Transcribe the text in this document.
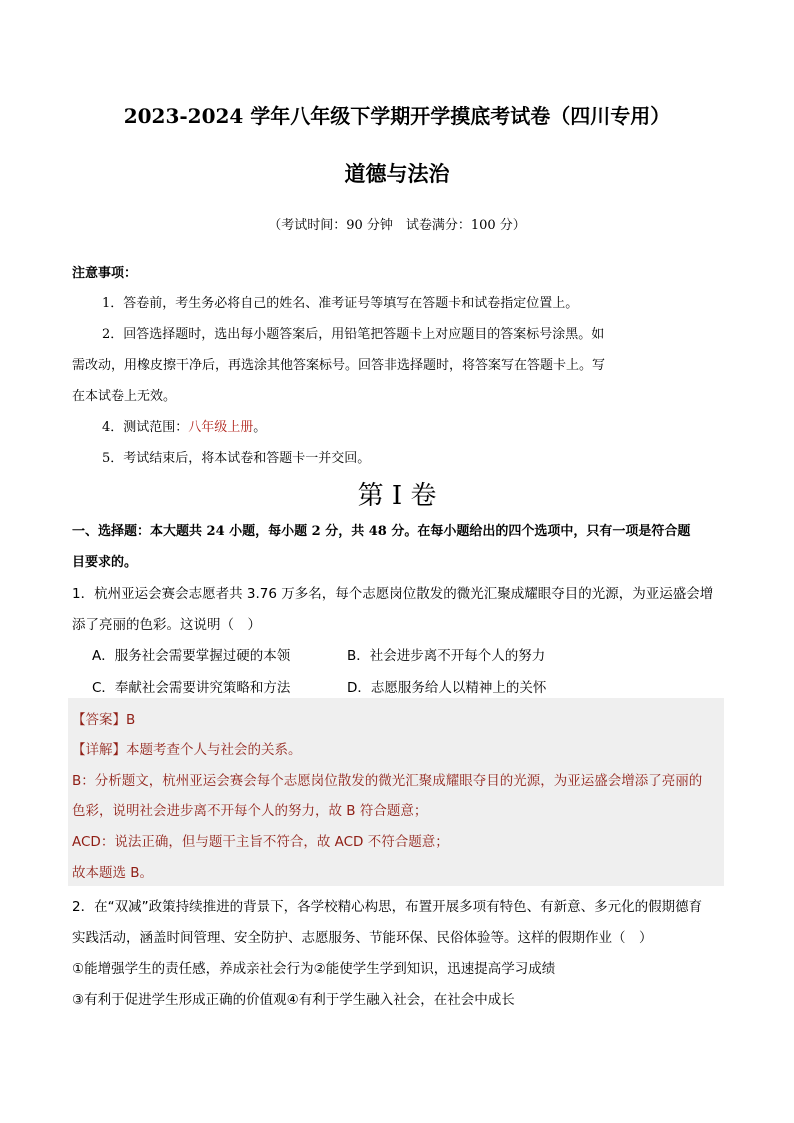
2023-2024 学年八年级下学期开学摸底考试卷（四川专用）
道德与法治
（考试时间：90 分钟　试卷满分：100 分）
注意事项：
1．答卷前，考生务必将自己的姓名、准考证号等填写在答题卡和试卷指定位置上。
2．回答选择题时，选出每小题答案后，用铅笔把答题卡上对应题目的答案标号涂黑。如
需改动，用橡皮擦干净后，再选涂其他答案标号。回答非选择题时，将答案写在答题卡上。写
在本试卷上无效。
4．测试范围：八年级上册。
5．考试结束后，将本试卷和答题卡一并交回。
第 I 卷
一、选择题：本大题共 24 小题，每小题 2 分，共 48 分。在每小题给出的四个选项中，只有一项是符合题
目要求的。
1．杭州亚运会赛会志愿者共 3.76 万多名，每个志愿岗位散发的微光汇聚成耀眼夺目的光源，为亚运盛会增
添了亮丽的色彩。这说明（　）
A．服务社会需要掌握过硬的本领	B．社会进步离不开每个人的努力
C．奉献社会需要讲究策略和方法	D．志愿服务给人以精神上的关怀
【答案】B
【详解】本题考查个人与社会的关系。
B：分析题文，杭州亚运会赛会每个志愿岗位散发的微光汇聚成耀眼夺目的光源，为亚运盛会增添了亮丽的
色彩，说明社会进步离不开每个人的努力，故 B 符合题意；
ACD：说法正确，但与题干主旨不符合，故 ACD 不符合题意；
故本题选 B。
2．在“双减”政策持续推进的背景下，各学校精心构思，布置开展多项有特色、有新意、多元化的假期德育
实践活动，涵盖时间管理、安全防护、志愿服务、节能环保、民俗体验等。这样的假期作业（　）
①能增强学生的责任感，养成亲社会行为②能使学生学到知识，迅速提高学习成绩
③有利于促进学生形成正确的价值观④有利于学生融入社会，在社会中成长
